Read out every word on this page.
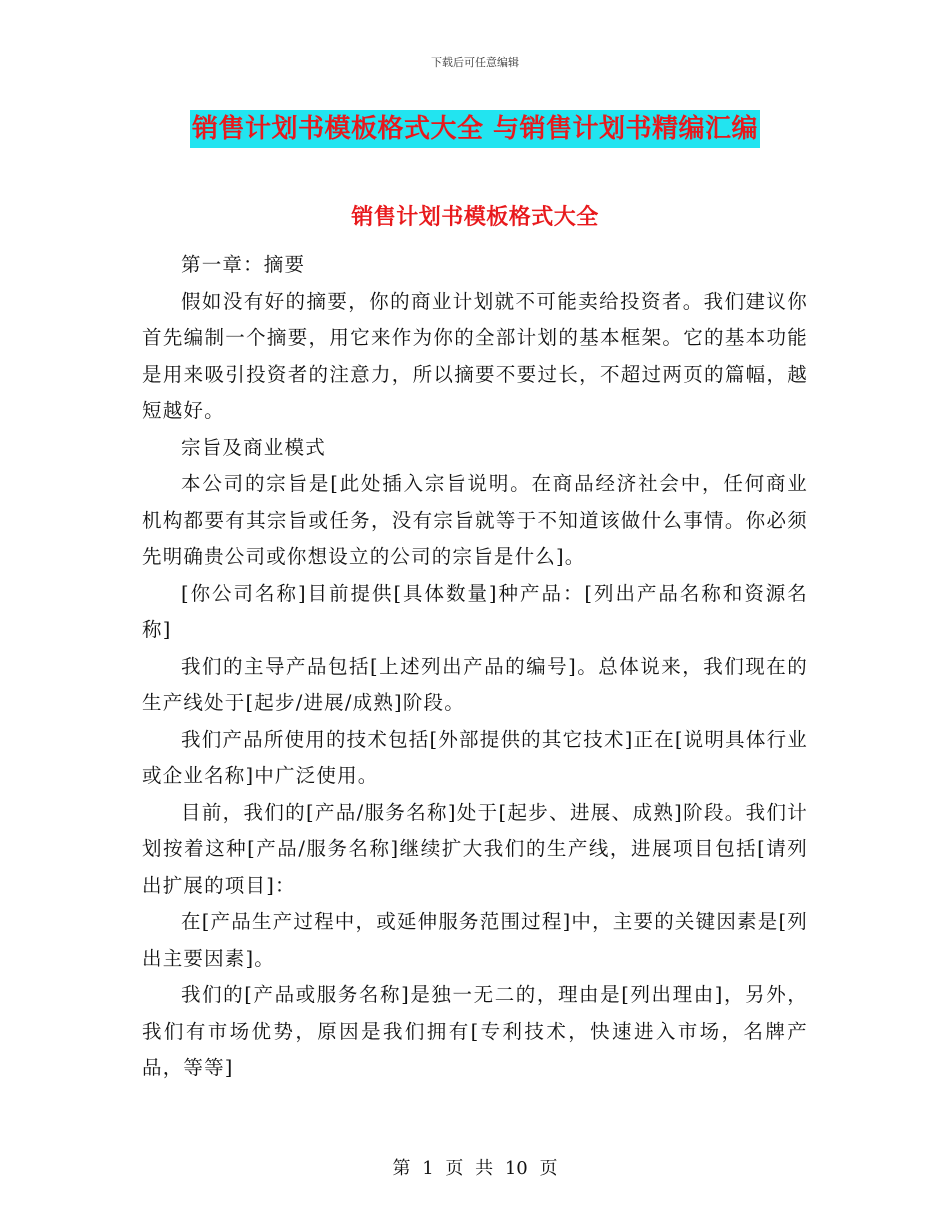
下载后可任意编辑
销售计划书模板格式大全 与销售计划书精编汇编
销售计划书模板格式大全

第一章：摘要

假如没有好的摘要，你的商业计划就不可能卖给投资者。我们建议你首先编制一个摘要，用它来作为你的全部计划的基本框架。它的基本功能是用来吸引投资者的注意力，所以摘要不要过长，不超过两页的篇幅，越短越好。

宗旨及商业模式

本公司的宗旨是[此处插入宗旨说明。在商品经济社会中，任何商业机构都要有其宗旨或任务，没有宗旨就等于不知道该做什么事情。你必须先明确贵公司或你想设立的公司的宗旨是什么]。

[你公司名称]目前提供[具体数量]种产品：[列出产品名称和资源名称]

我们的主导产品包括[上述列出产品的编号]。总体说来，我们现在的生产线处于[起步/进展/成熟]阶段。

我们产品所使用的技术包括[外部提供的其它技术]正在[说明具体行业或企业名称]中广泛使用。

目前，我们的[产品/服务名称]处于[起步、进展、成熟]阶段。我们计划按着这种[产品/服务名称]继续扩大我们的生产线，进展项目包括[请列出扩展的项目]：

在[产品生产过程中，或延伸服务范围过程]中，主要的关键因素是[列出主要因素]。

我们的[产品或服务名称]是独一无二的，理由是[列出理由]，另外，我们有市场优势，原因是我们拥有[专利技术，快速进入市场，名牌产品，等等]

第 1 页 共 10 页
